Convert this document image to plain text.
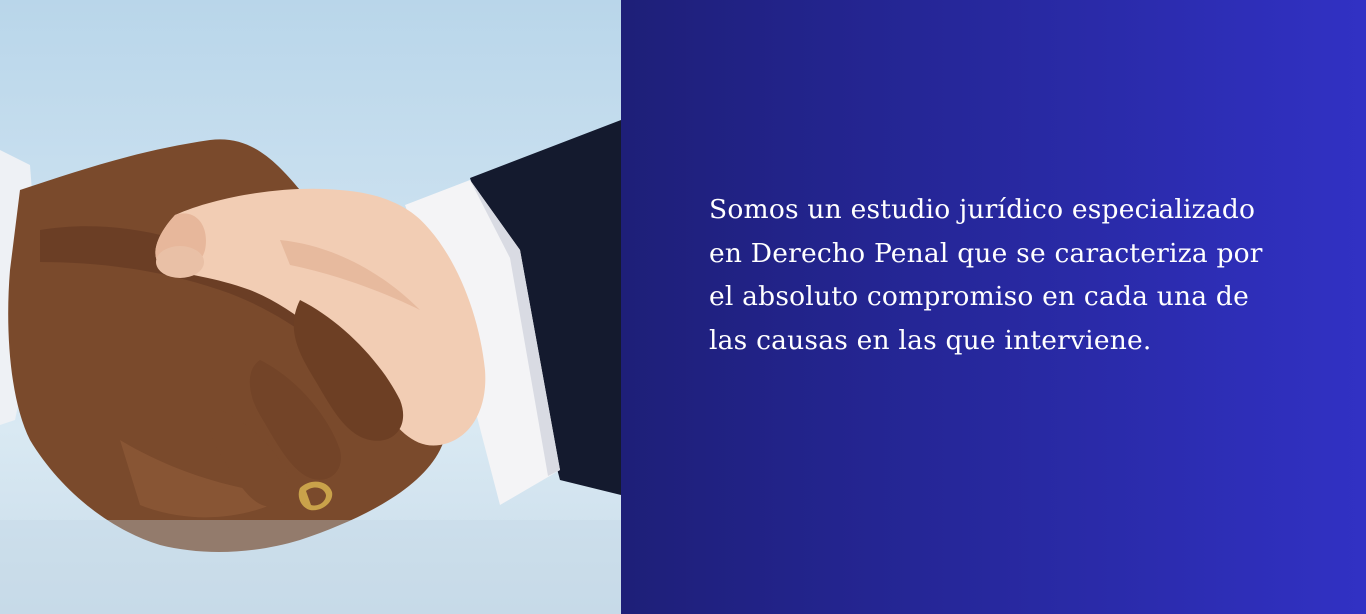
Somos un estudio jurídico especializado en Derecho Penal que se caracteriza por el absoluto compromiso en cada una de las causas en las que interviene.
